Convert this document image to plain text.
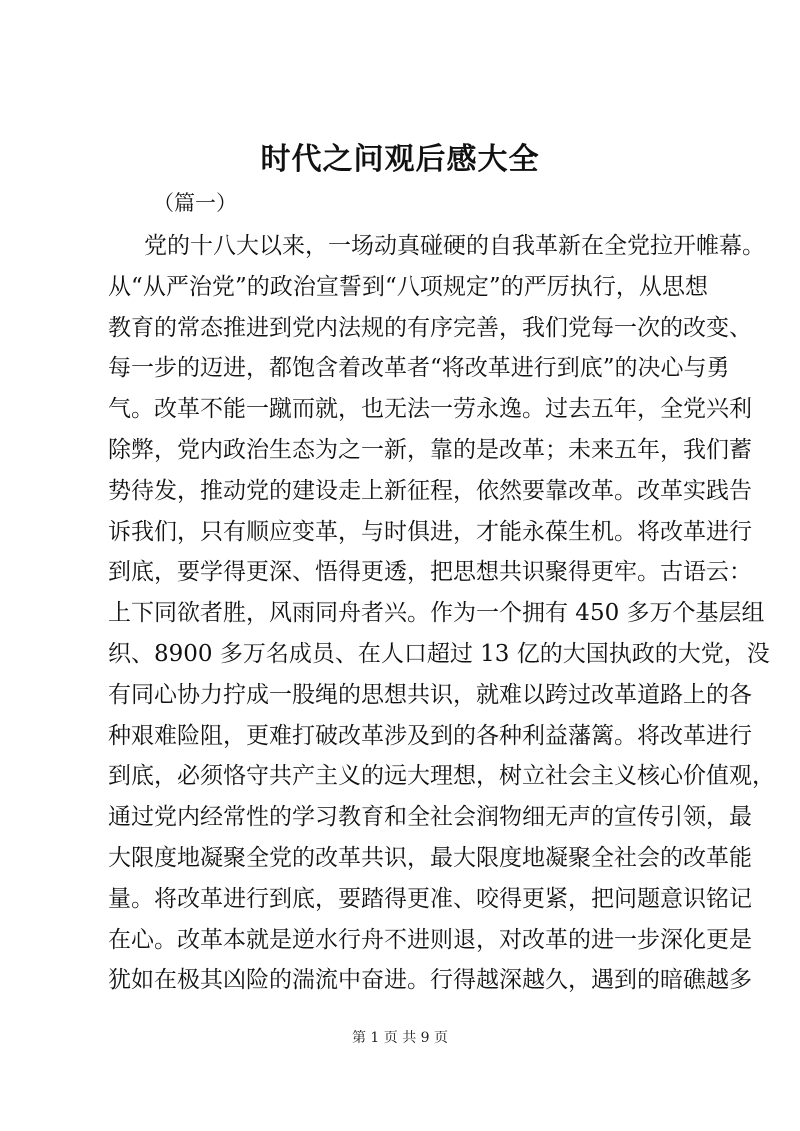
时代之问观后感大全
（篇一）
党的十八大以来，一场动真碰硬的自我革新在全党拉开帷幕。
从“从严治党”的政治宣誓到“八项规定”的严厉执行，从思想
教育的常态推进到党内法规的有序完善，我们党每一次的改变、
每一步的迈进，都饱含着改革者“将改革进行到底”的决心与勇
气。改革不能一蹴而就，也无法一劳永逸。过去五年，全党兴利
除弊，党内政治生态为之一新，靠的是改革；未来五年，我们蓄
势待发，推动党的建设走上新征程，依然要靠改革。改革实践告
诉我们，只有顺应变革，与时俱进，才能永葆生机。将改革进行
到底，要学得更深、悟得更透，把思想共识聚得更牢。古语云：
上下同欲者胜，风雨同舟者兴。作为一个拥有 450 多万个基层组
织、8900 多万名成员、在人口超过 13 亿的大国执政的大党，没
有同心协力拧成一股绳的思想共识，就难以跨过改革道路上的各
种艰难险阻，更难打破改革涉及到的各种利益藩篱。将改革进行
到底，必须恪守共产主义的远大理想，树立社会主义核心价值观，
通过党内经常性的学习教育和全社会润物细无声的宣传引领，最
大限度地凝聚全党的改革共识，最大限度地凝聚全社会的改革能
量。将改革进行到底，要踏得更准、咬得更紧，把问题意识铭记
在心。改革本就是逆水行舟不进则退，对改革的进一步深化更是
犹如在极其凶险的湍流中奋进。行得越深越久，遇到的暗礁越多
第 1 页 共 9 页
